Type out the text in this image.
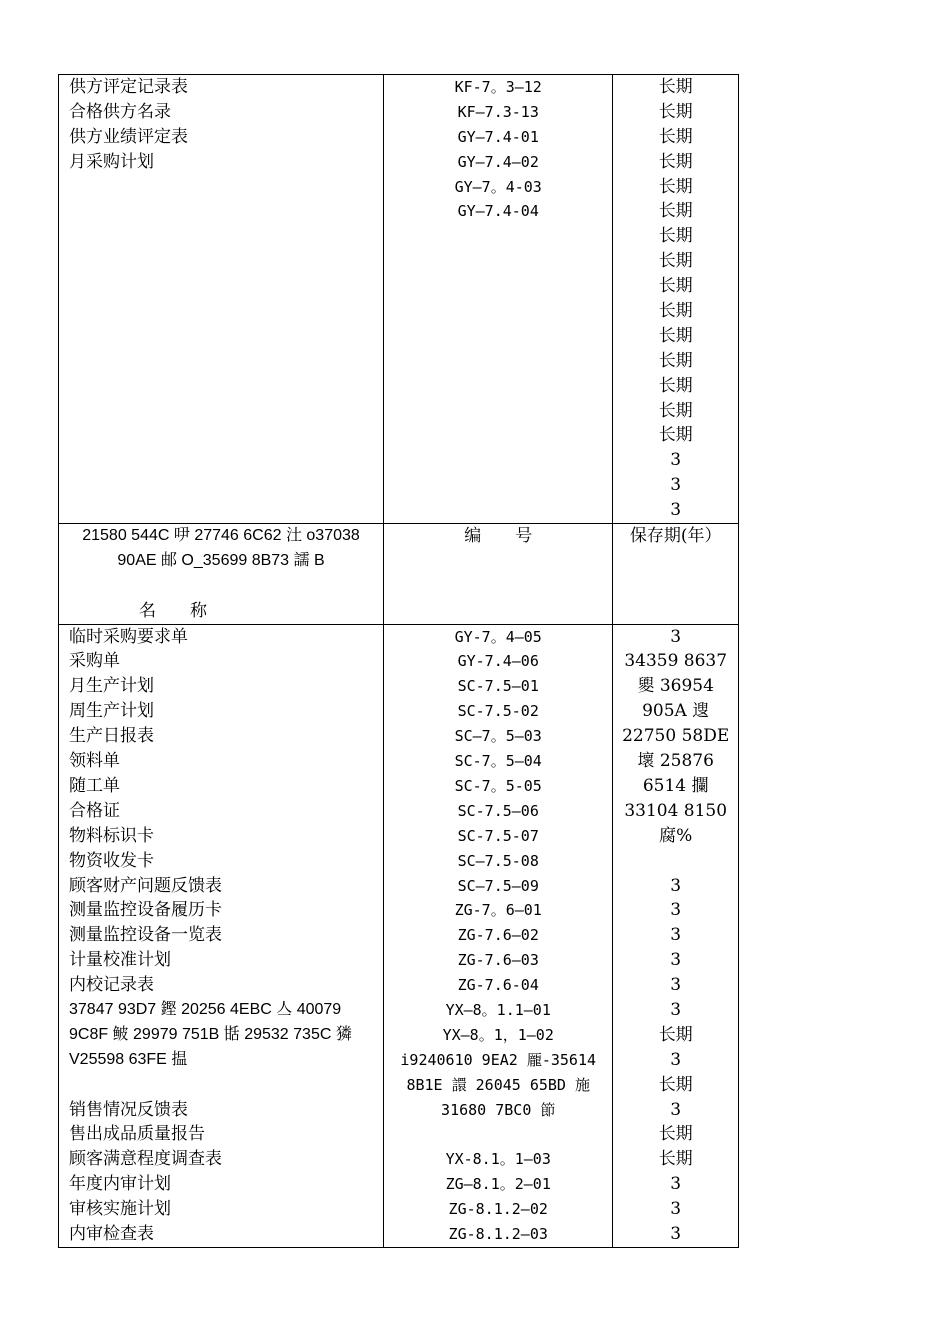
供方评定记录表
合格供方名录
供方业绩评定表
月采购计划
KF-7。3—12
KF—7.3-13
GY—7.4-01
GY—7.4—02
GY—7。4-03
GY—7.4-04
长期
长期
长期
长期
长期
长期
长期
长期
长期
长期
长期
长期
长期
长期
长期
3
3
3
21580 544C 吚 27746 6C62 汢 o37038
90AE 邮 O_35699 8B73 譳 B
名　　称
编　　号	保存期(年）
临时采购要求单
采购单
月生产计划
周生产计划
生产日报表
领料单
随工单
合格证
物料标识卡
物资收发卡
顾客财产问题反馈表
测量监控设备履历卡
测量监控设备一览表
计量校准计划
内校记录表
37847 93D7 鏗 20256 4EBC 亼 40079
9C8F 鲏 29979 751B 甛 29532 735C 獜
V25598 63FE 揾
销售情况反馈表
售出成品质量报告
顾客满意程度调查表
年度内审计划
审核实施计划
内审检查表
GY-7。4—05
GY-7.4—06
SC-7.5—01
SC-7.5-02
SC—7。5—03
SC-7。5—04
SC-7。5-05
SC-7.5—06
SC-7.5-07
SC—7.5-08
SC—7.5—09
ZG-7。6—01
ZG-7.6—02
ZG-7.6—03
ZG-7.6-04
YX—8。1.1—01
YX—8。1，1—02
i9240610 9EA2 龎-35614
8B1E 譞 26045 65BD 施
31680 7BC0 節
YX-8.1。1—03
ZG—8.1。2—01
ZG-8.1.2—02
ZG-8.1.2—03
3
34359 8637
夓 36954
905A 遚
22750 58DE
壞 25876
6514 攔
33104 8150
腐%
3
3
3
3
3
3
长期
3
长期
3
长期
长期
3
3
3
